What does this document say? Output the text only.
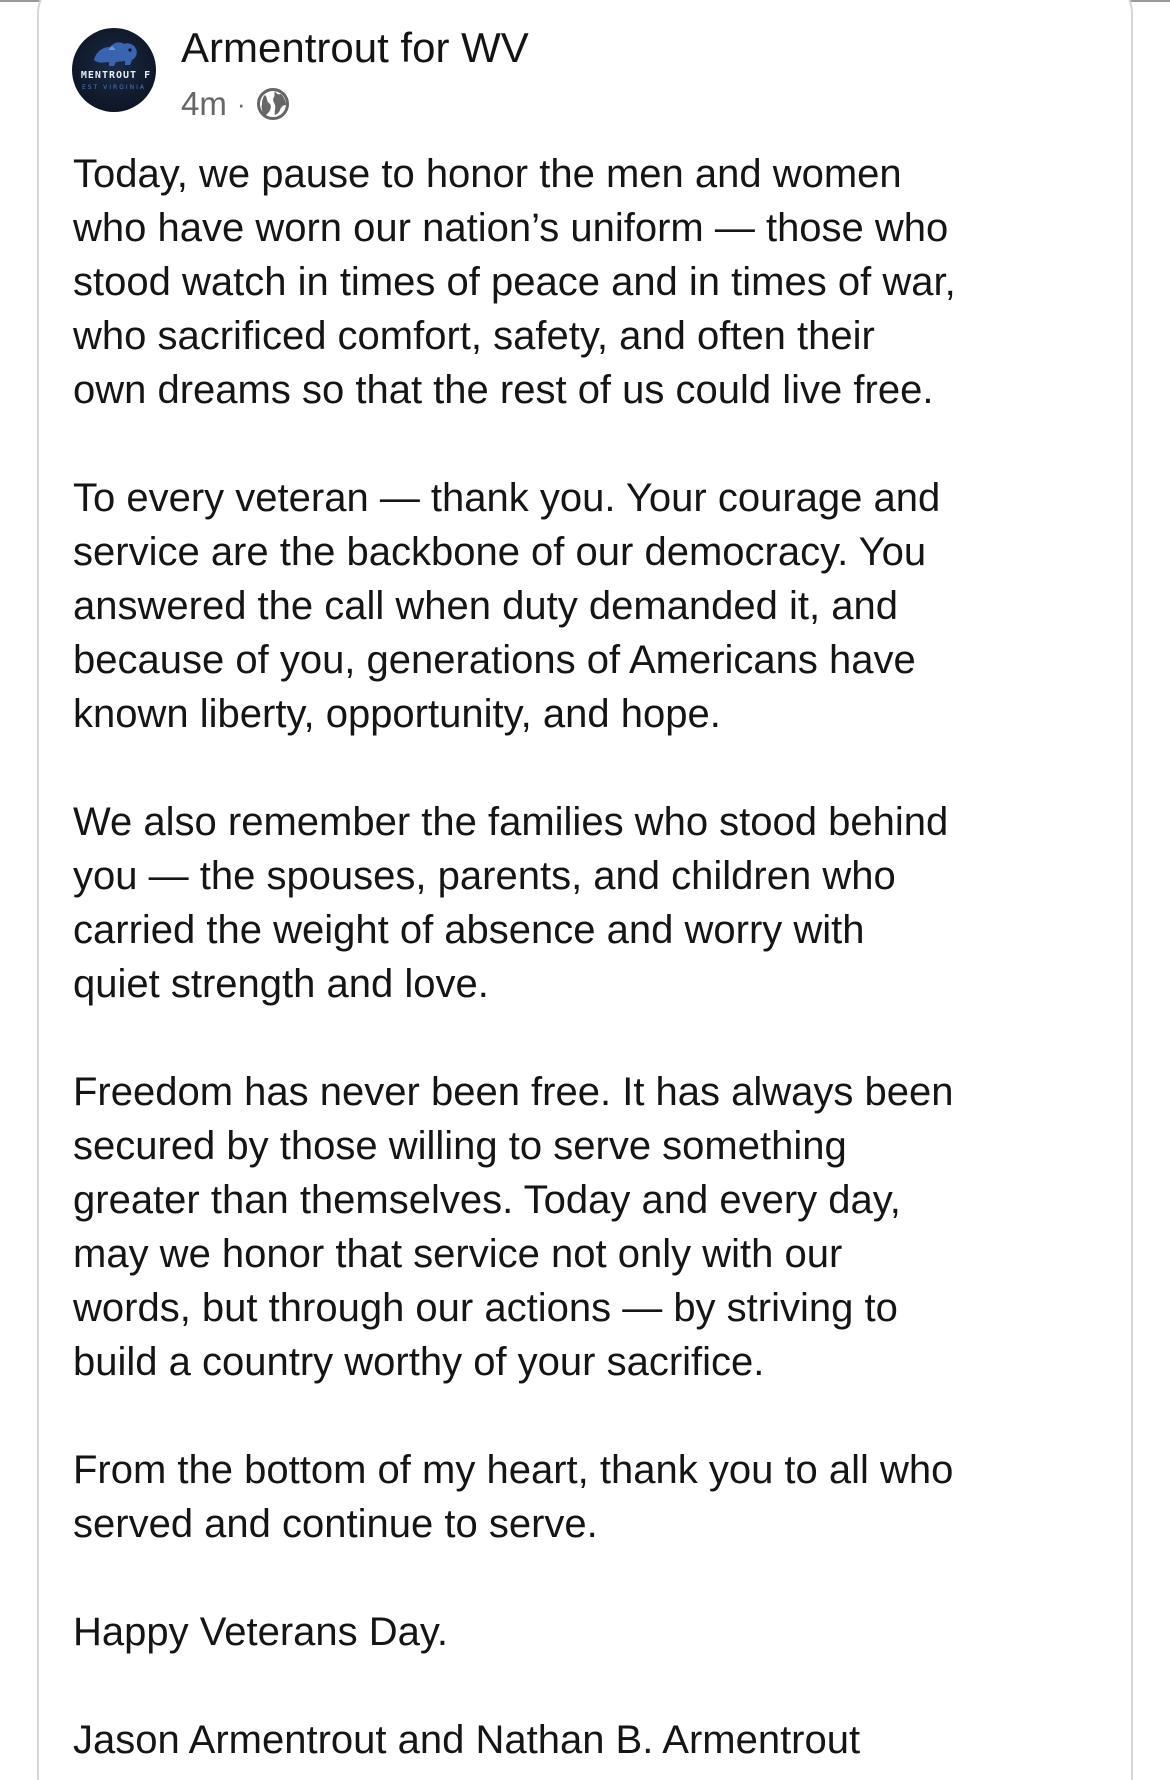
MENTROUT F
EST VIRGINIA
Armentrout for WV
4m ·
Today, we pause to honor the men and women
who have worn our nation’s uniform — those who
stood watch in times of peace and in times of war,
who sacrificed comfort, safety, and often their
own dreams so that the rest of us could live free.
To every veteran — thank you. Your courage and
service are the backbone of our democracy. You
answered the call when duty demanded it, and
because of you, generations of Americans have
known liberty, opportunity, and hope.
We also remember the families who stood behind
you — the spouses, parents, and children who
carried the weight of absence and worry with
quiet strength and love.
Freedom has never been free. It has always been
secured by those willing to serve something
greater than themselves. Today and every day,
may we honor that service not only with our
words, but through our actions — by striving to
build a country worthy of your sacrifice.
From the bottom of my heart, thank you to all who
served and continue to serve.
Happy Veterans Day.
Jason Armentrout and Nathan B. Armentrout
